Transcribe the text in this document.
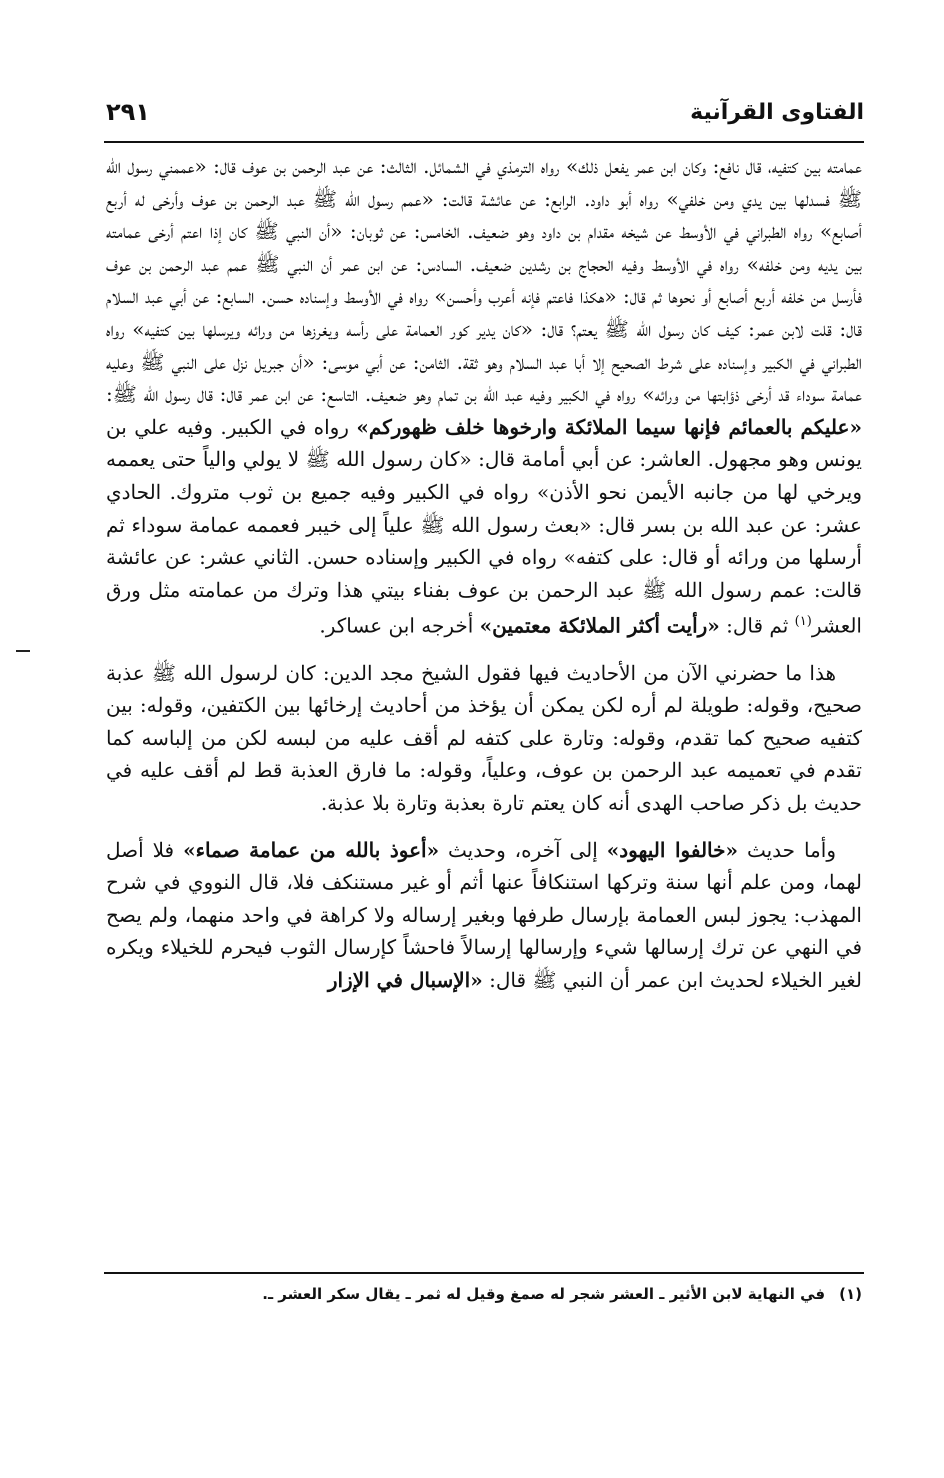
الفتاوى القرآنية
٢٩١

عمامته بين كتفيه، قال نافع: وكان ابن عمر يفعل ذلك» رواه الترمذي في الشمائل. الثالث: عن عبد الرحمن بن عوف قال: «عممني رسول الله ﷺ فسدلها بين يدي ومن خلفي» رواه أبو داود. الرابع: عن عائشة قالت: «عمم رسول الله ﷺ عبد الرحمن بن عوف وأرخى له أربع أصابع» رواه الطبراني في الأوسط عن شيخه مقدام بن داود وهو ضعيف. الخامس: عن ثوبان: «أن النبي ﷺ كان إذا اعتم أرخى عمامته بين يديه ومن خلفه» رواه في الأوسط وفيه الحجاج بن رشدين ضعيف. السادس: عن ابن عمر أن النبي ﷺ عمم عبد الرحمن بن عوف فأرسل من خلفه أربع أصابع أو نحوها ثم قال: «هكذا فاعتم فإنه أعرب وأحسن» رواه في الأوسط وإسناده حسن. السابع: عن أبي عبد السلام قال: قلت لابن عمر: كيف كان رسول الله ﷺ يعتم؟ قال: «كان يدير كور العمامة على رأسه ويغرزها من ورائه ويرسلها بين كتفيه» رواه الطبراني في الكبير وإسناده على شرط الصحيح إلا أبا عبد السلام وهو ثقة. الثامن: عن أبي موسى: «أن جبريل نزل على النبي ﷺ وعليه عمامة سوداء قد أرخى ذؤابتها من ورائه» رواه في الكبير وفيه عبد الله بن تمام وهو ضعيف. التاسع: عن ابن عمر قال: قال رسول الله ﷺ: «عليكم بالعمائم فإنها سيما الملائكة وارخوها خلف ظهوركم» رواه في الكبير. وفيه علي بن يونس وهو مجهول. العاشر: عن أبي أمامة قال: «كان رسول الله ﷺ لا يولي والياً حتى يعممه ويرخي لها من جانبه الأيمن نحو الأذن» رواه في الكبير وفيه جميع بن ثوب متروك. الحادي عشر: عن عبد الله بن بسر قال: «بعث رسول الله ﷺ علياً إلى خيبر فعممه عمامة سوداء ثم أرسلها من ورائه أو قال: على كتفه» رواه في الكبير وإسناده حسن. الثاني عشر: عن عائشة قالت: عمم رسول الله ﷺ عبد الرحمن بن عوف بفناء بيتي هذا وترك من عمامته مثل ورق العشر$^{(١)}$ ثم قال: «رأيت أكثر الملائكة معتمين» أخرجه ابن عساكر.

هذا ما حضرني الآن من الأحاديث فيها فقول الشيخ مجد الدين: كان لرسول الله ﷺ عذبة صحيح، وقوله: طويلة لم أره لكن يمكن أن يؤخذ من أحاديث إرخائها بين الكتفين، وقوله: بين كتفيه صحيح كما تقدم، وقوله: وتارة على كتفه لم أقف عليه من لبسه لكن من إلباسه كما تقدم في تعميمه عبد الرحمن بن عوف، وعلياً، وقوله: ما فارق العذبة قط لم أقف عليه في حديث بل ذكر صاحب الهدى أنه كان يعتم تارة بعذبة وتارة بلا عذبة.

وأما حديث «خالفوا اليهود» إلى آخره، وحديث «أعوذ بالله من عمامة صماء» فلا أصل لهما، ومن علم أنها سنة وتركها استنكافاً عنها أثم أو غير مستنكف فلا، قال النووي في شرح المهذب: يجوز لبس العمامة بإرسال طرفها وبغير إرساله ولا كراهة في واحد منهما، ولم يصح في النهي عن ترك إرسالها شيء وإرسالها إرسالاً فاحشاً كإرسال الثوب فيحرم للخيلاء ويكره لغير الخيلاء لحديث ابن عمر أن النبي ﷺ قال: «الإسبال في الإزار

(١)في النهاية لابن الأثير ـ العشر شجر له صمغ وقيل له ثمر ـ يقال سكر العشر ـ.
